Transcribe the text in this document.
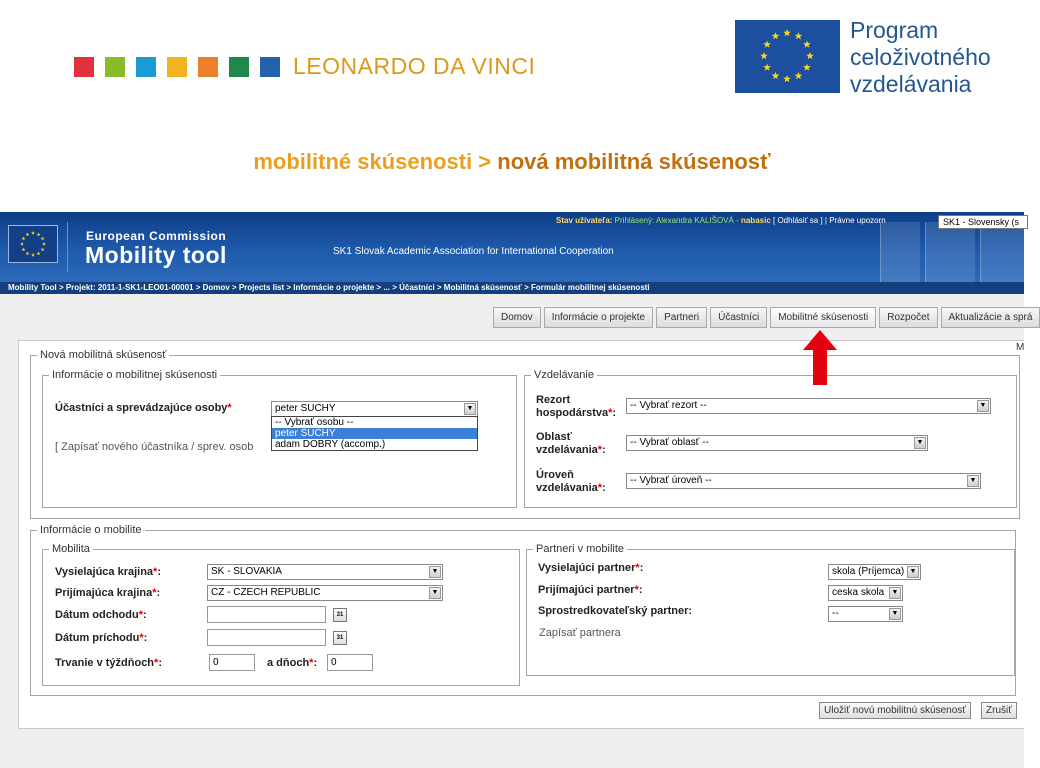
LEONARDO DA VINCI
Program
celoživotného
vzdelávania
mobilitné skúsenosti > nová mobilitná skúsenosť
European Commission
Mobility tool	SK1 Slovak Academic Association for International Cooperation
Stav užívateľa: Prihlásený: Alexandra KALIŠOVÁ - nabasic [ Odhlásiť sa ] | Právne upozorn	SK1 - Slovensky (s
Mobility Tool > Projekt: 2011-1-SK1-LEO01-00001 > Domov > Projects list > Informácie o projekte > ... > Účastníci > Mobilitná skúsenosť > Formulár mobilitnej skúsenosti
Domov	Informácie o projekte	Partneri	Účastníci	Mobilitné skúsenosti	Rozpočet	Aktualizácie a sprá
M
Nová mobilitná skúsenosť
Informácie o mobilitnej skúsenosti
Účastníci a sprevádzajúce osoby*	peter SUCHY	▼
-- Vybrať osobu --
peter SUCHY
adam DOBRY (accomp.)
[ Zapísať nového účastníka / sprev. osob
Vzdelávanie
Rezort
hospodárstva*:
-- Vybrať rezort --	▼
Oblasť
vzdelávania*:
-- Vybrať oblasť --	▼
Úroveň
vzdelávania*:
-- Vybrať úroveň --	▼
Informácie o mobilite
Mobilita
Vysielajúca krajina*:	SK - SLOVAKIA	▼
Prijímajúca krajina*:	CZ - CZECH REPUBLIC	▼
Dátum odchodu*:	31
Dátum príchodu*:	31
Trvanie v týždňoch*:	0	a dňoch*:	0
Partneri v mobilite
Vysielajúci partner*:	skola (Príjemca) ▼
Prijímajúci partner*:	ceska skola	▼
Sprostredkovateľský partner:	--	▼
Zapísať partnera
Uložiť novú mobilitnú skúsenosť	Zrušiť
